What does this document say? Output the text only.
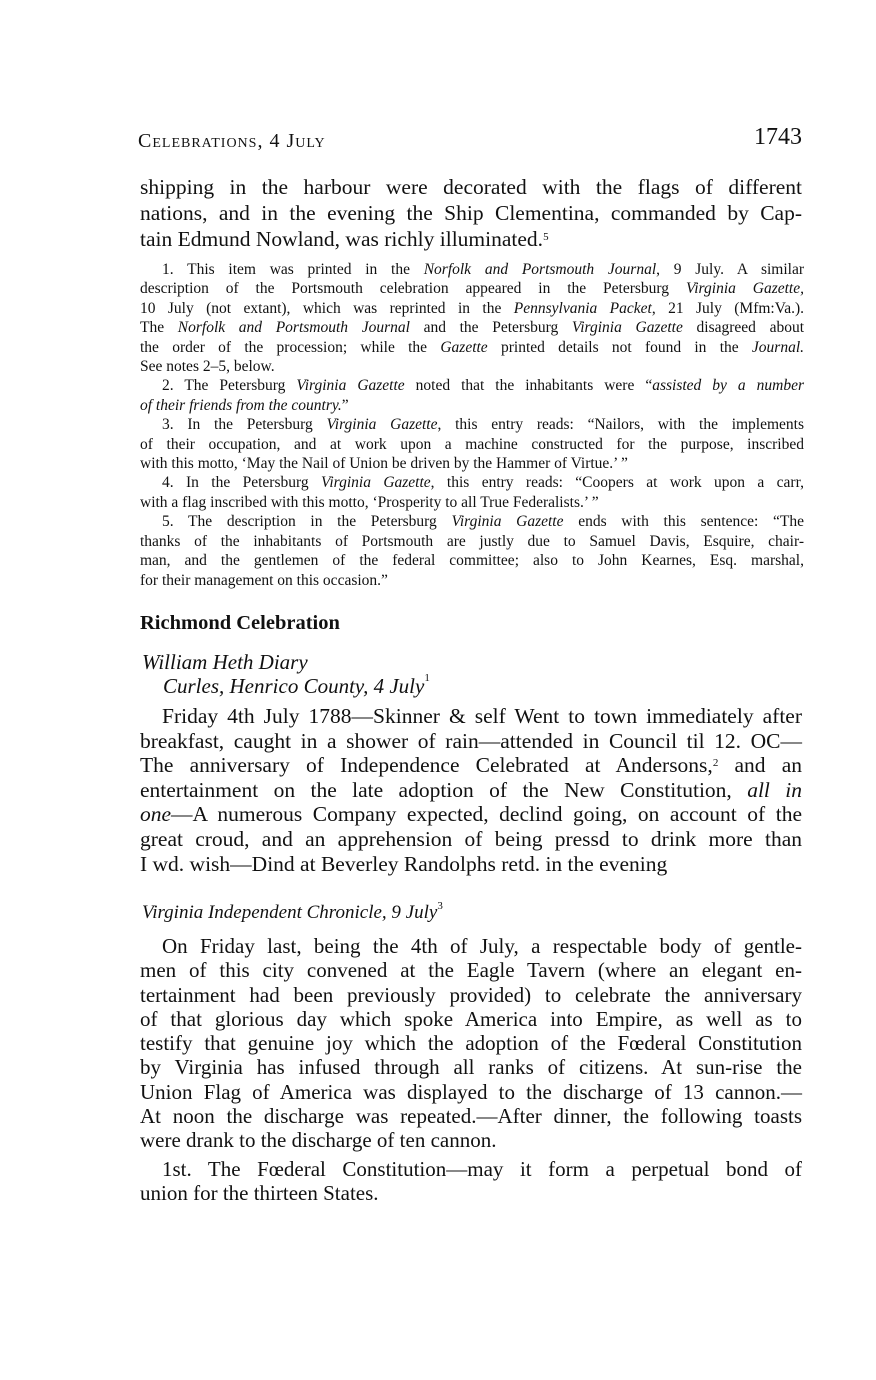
Celebrations, 4 July	1743
shipping in the harbour were decorated with the flags of different
nations, and in the evening the Ship Clementina, commanded by Cap-
tain Edmund Nowland, was richly illuminated.$^5$
1. This item was printed in the Norfolk and Portsmouth Journal, 9 July. A similar
description of the Portsmouth celebration appeared in the Petersburg Virginia Gazette,
10 July (not extant), which was reprinted in the Pennsylvania Packet, 21 July (Mfm:Va.).
The Norfolk and Portsmouth Journal and the Petersburg Virginia Gazette disagreed about
the order of the procession; while the Gazette printed details not found in the Journal.
See notes 2–5, below.
2. The Petersburg Virginia Gazette noted that the inhabitants were “assisted by a number
of their friends from the country.”
3. In the Petersburg Virginia Gazette, this entry reads: “Nailors, with the implements
of their occupation, and at work upon a machine constructed for the purpose, inscribed
with this motto, ‘May the Nail of Union be driven by the Hammer of Virtue.’ ”
4. In the Petersburg Virginia Gazette, this entry reads: “Coopers at work upon a carr,
with a flag inscribed with this motto, ‘Prosperity to all True Federalists.’ ”
5. The description in the Petersburg Virginia Gazette ends with this sentence: “The
thanks of the inhabitants of Portsmouth are justly due to Samuel Davis, Esquire, chair-
man, and the gentlemen of the federal committee; also to John Kearnes, Esq. marshal,
for their management on this occasion.”
Richmond Celebration

William Heth Diary

Curles, Henrico County, 4 July$^1$

Friday 4th July 1788—Skinner & self Went to town immediately after
breakfast, caught in a shower of rain—attended in Council til 12. OC—
The anniversary of Independence Celebrated at Andersons,$^2$ and an
entertainment on the late adoption of the New Constitution, all in
one—A numerous Company expected, declind going, on account of the
great croud, and an apprehension of being pressd to drink more than
I wd. wish—Dind at Beverley Randolphs retd. in the evening

Virginia Independent Chronicle, 9 July$^3$

On Friday last, being the 4th of July, a respectable body of gentle-
men of this city convened at the Eagle Tavern (where an elegant en-
tertainment had been previously provided) to celebrate the anniversary
of that glorious day which spoke America into Empire, as well as to
testify that genuine joy which the adoption of the Fœderal Constitution
by Virginia has infused through all ranks of citizens. At sun-rise the
Union Flag of America was displayed to the discharge of 13 cannon.—
At noon the discharge was repeated.—After dinner, the following toasts
were drank to the discharge of ten cannon.
1st. The Fœderal Constitution—may it form a perpetual bond of
union for the thirteen States.
